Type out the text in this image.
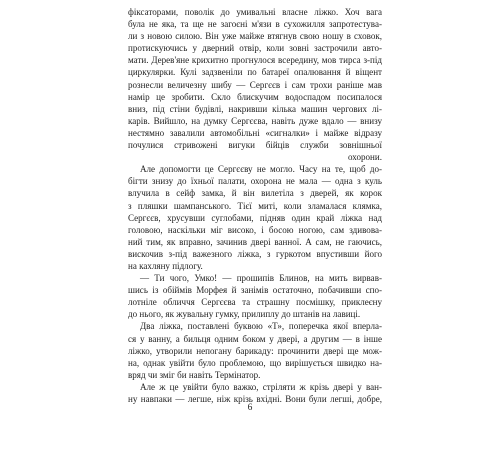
фіксаторами, поволік до умивальні власне ліжко. Хоч вага
була не яка, та ще не загоєні м'язи в сухожилля запротестува-
ли з новою силою. Він уже майже втягнув свою ношу в сховок,
протискуючись у дверний отвір, коли зовні застрочили авто-
мати. Дерев'яне крихитно прогнулося всередину, мов тирса з-під
циркулярки. Кулі задзвеніли по батареї опалювання й віщент
рознесли величезну шибу — Сергєєв і сам трохи раніше мав
намір це зробити. Скло блискучим водоспадом посипалося
вниз, під стіни будівлі, накривши кілька машин чергових лі-
карів. Вийшло, на думку Сергєєва, навіть дуже вдало — внизу
нестямно завалили автомобільні «сигналки» і майже відразу
почулися стривожені вигуки бійців служби зовнішньої
охорони.
Але допомогти це Сергєєву не могло. Часу на те, щоб до-
бігти знизу до їхньої палати, охорона не мала — одна з куль
влучила в сейф замка, й він вилетіла з дверей, як корок
з пляшки шампанського. Тієї миті, коли зламалася клямка,
Сергєєв, хрусувши суглобами, підняв один край ліжка над
головою, наскільки міг високо, і босою ногою, сам здивова-
ний тим, як вправно, зачинив двері ванної. А сам, не гаючись,
вискочив з-під важезного ліжка, з гуркотом впустивши його
на кахляну підлогу.
— Ти чого, Умко! — прошипів Блинов, на мить вирвав-
шись із обіймів Морфея й занімів остаточно, побачивши спо-
лотніле обличчя Сергєєва та страшну посмішку, приклеєну
до нього, як жувальну гумку, прилиплу до штанів на лавиці.
Два ліжка, поставлені буквою «Т», поперечка якої вперла-
ся у ванну, а бильця одним боком у двері, а другим — в інше
ліжко, утворили непогану барикаду: прочинити двері ще мож-
на, однак увійти було проблемою, що вирішується швидко на-
вряд чи зміг би навіть Термінатор.
Але ж це увійти було важко, стріляти ж крізь двері у ван-
ну навпаки — легше, ніж крізь вхідні. Вони були легші, добре,
6
